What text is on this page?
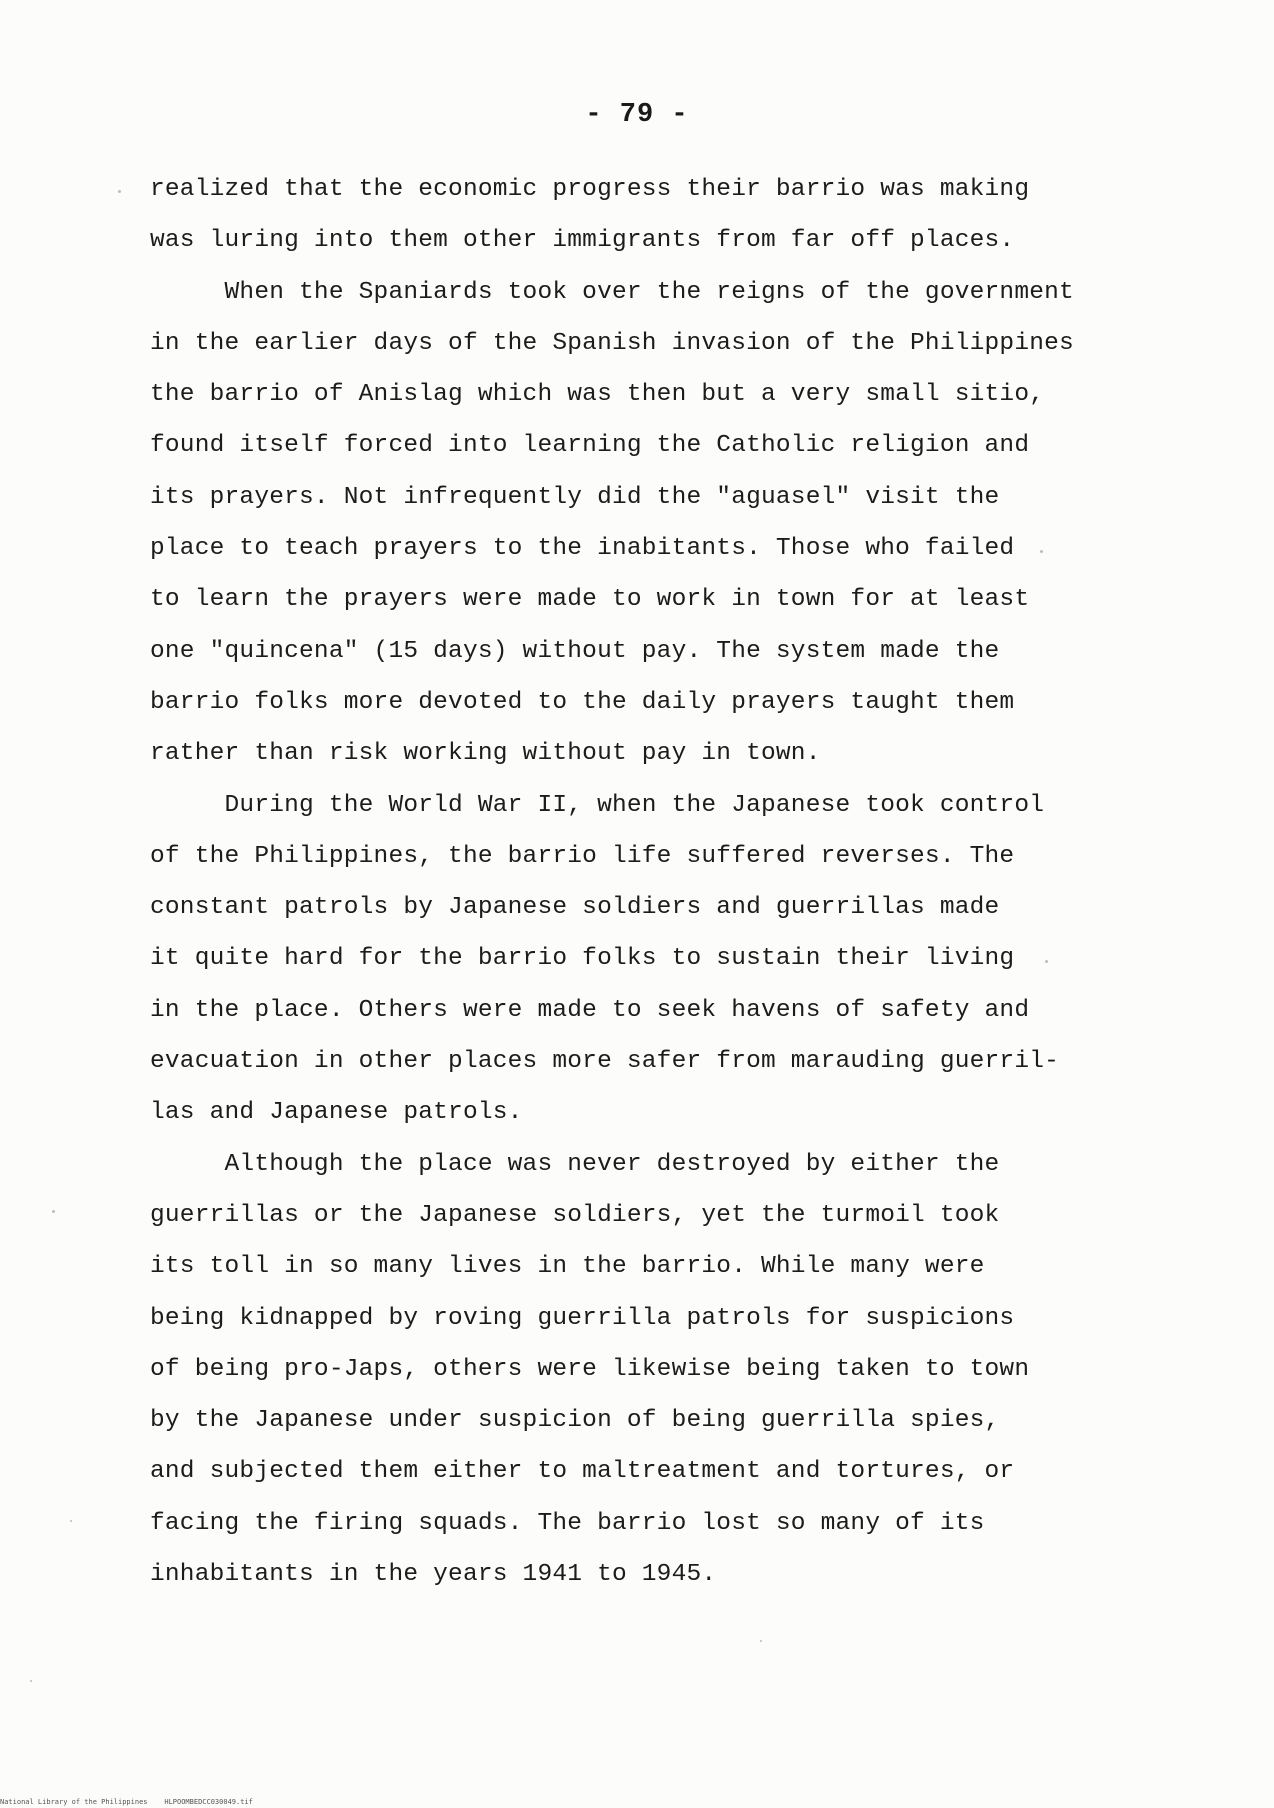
- 79 -
realized that the economic progress their barrio was making
was luring into them other immigrants from far off places.
When the Spaniards took over the reigns of the government
in the earlier days of the Spanish invasion of the Philippines
the barrio of Anislag which was then but a very small sitio,
found itself forced into learning the Catholic religion and
its prayers. Not infrequently did the "aguasel" visit the
place to teach prayers to the inabitants. Those who failed
to learn the prayers were made to work in town for at least
one "quincena" (15 days) without pay. The system made the
barrio folks more devoted to the daily prayers taught them
rather than risk working without pay in town.
During the World War II, when the Japanese took control
of the Philippines, the barrio life suffered reverses. The
constant patrols by Japanese soldiers and guerrillas made
it quite hard for the barrio folks to sustain their living
in the place. Others were made to seek havens of safety and
evacuation in other places more safer from marauding guerril-
las and Japanese patrols.
Although the place was never destroyed by either the
guerrillas or the Japanese soldiers, yet the turmoil took
its toll in so many lives in the barrio. While many were
being kidnapped by roving guerrilla patrols for suspicions
of being pro-Japs, others were likewise being taken to town
by the Japanese under suspicion of being guerrilla spies,
and subjected them either to maltreatment and tortures, or
facing the firing squads. The barrio lost so many of its
inhabitants in the years 1941 to 1945.
National Library of the Philippines    HLPOOMBEDCC030049.tif
